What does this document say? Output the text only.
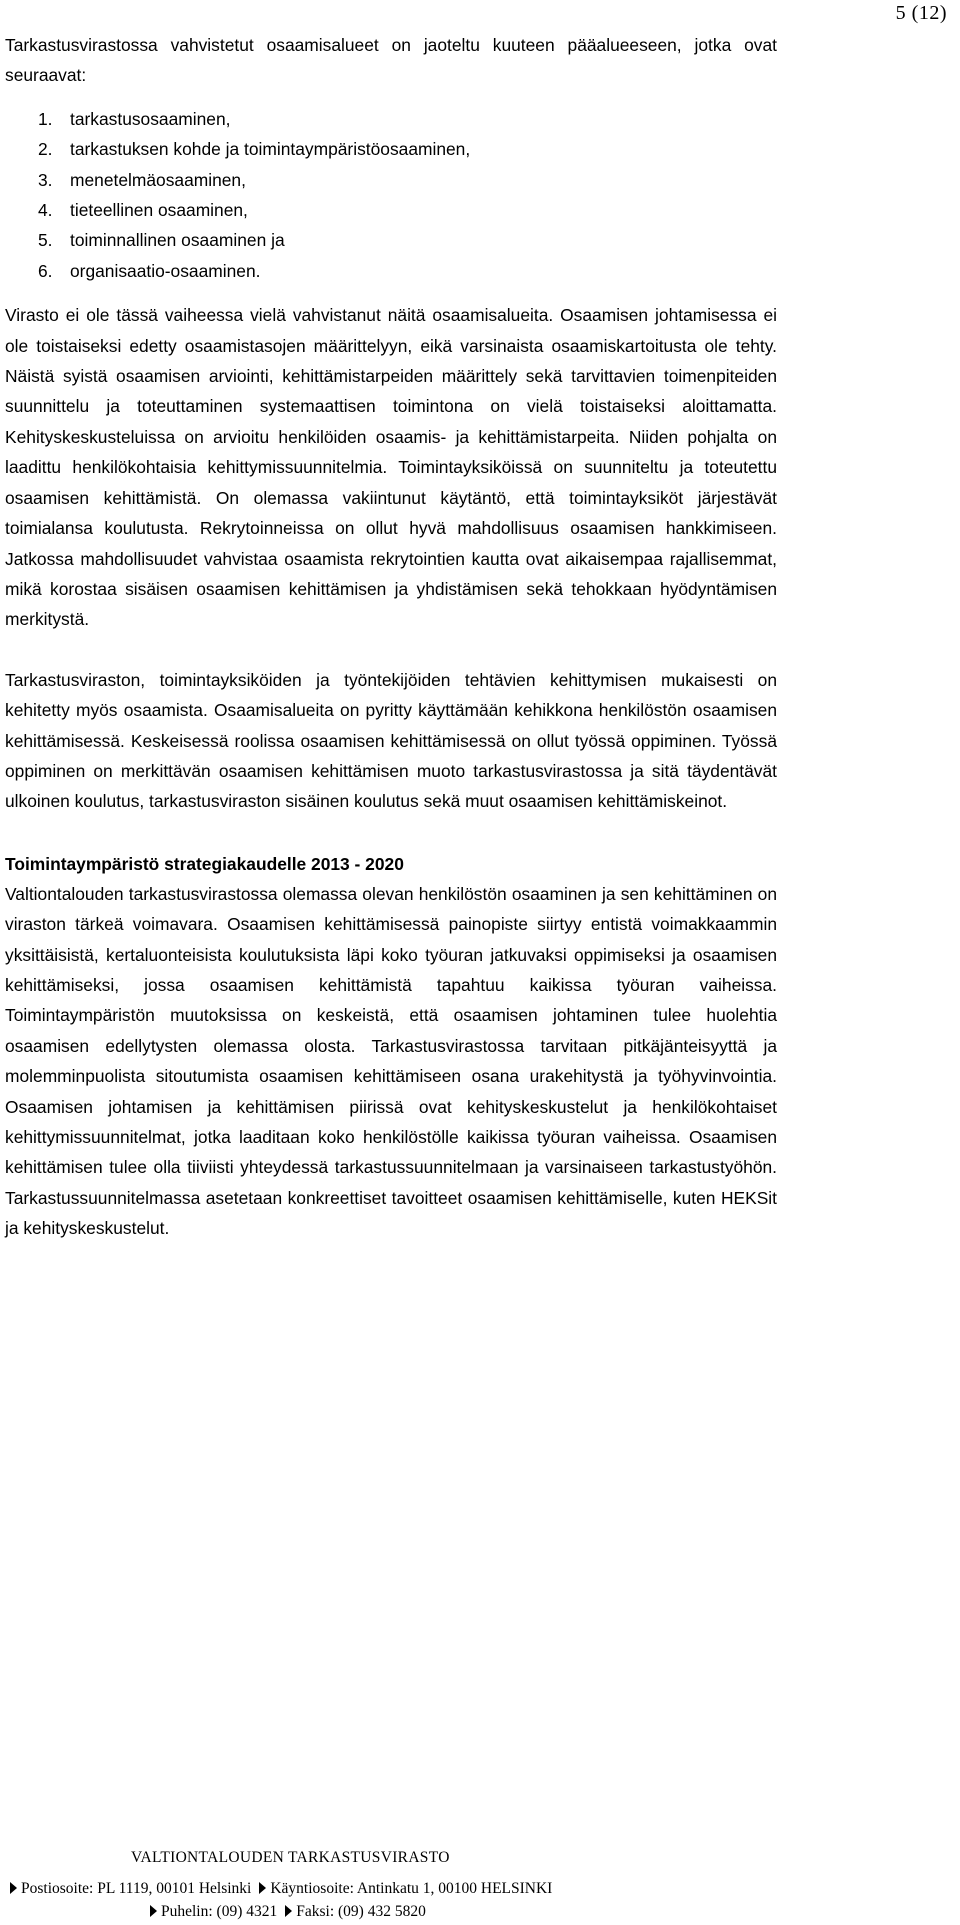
5 (12)

Tarkastusvirastossa vahvistetut osaamisalueet on jaoteltu kuuteen pääalueeseen, jotka ovat seuraavat:

1. tarkastusosaaminen,
2. tarkastuksen kohde ja toimintaympäristöosaaminen,
3. menetelmäosaaminen,
4. tieteellinen osaaminen,
5. toiminnallinen osaaminen ja
6. organisaatio-osaaminen.

Virasto ei ole tässä vaiheessa vielä vahvistanut näitä osaamisalueita. Osaamisen johtamisessa ei ole toistaiseksi edetty osaamistasojen määrittelyyn, eikä varsinaista osaamiskartoitusta ole tehty. Näistä syistä osaamisen arviointi, kehittämistarpeiden määrittely sekä tarvittavien toimenpiteiden suunnittelu ja toteuttaminen systemaattisen toimintona on vielä toistaiseksi aloittamatta. Kehityskeskusteluissa on arvioitu henkilöiden osaamis- ja kehittämistarpeita. Niiden pohjalta on laadittu henkilökohtaisia kehittymissuunnitelmia. Toimintayksiköissä on suunniteltu ja toteutettu osaamisen kehittämistä. On olemassa vakiintunut käytäntö, että toimintayksiköt järjestävät toimialansa koulutusta. Rekrytoinneissa on ollut hyvä mahdollisuus osaamisen hankkimiseen. Jatkossa mahdollisuudet vahvistaa osaamista rekrytointien kautta ovat aikaisempaa rajallisemmat, mikä korostaa sisäisen osaamisen kehittämisen ja yhdistämisen sekä tehokkaan hyödyntämisen merkitystä.

Tarkastusviraston, toimintayksiköiden ja työntekijöiden tehtävien kehittymisen mukaisesti on kehitetty myös osaamista. Osaamisalueita on pyritty käyttämään kehikkona henkilöstön osaamisen kehittämisessä. Keskeisessä roolissa osaamisen kehittämisessä on ollut työssä oppiminen. Työssä oppiminen on merkittävän osaamisen kehittämisen muoto tarkastusvirastossa ja sitä täydentävät ulkoinen koulutus, tarkastusviraston sisäinen koulutus sekä muut osaamisen kehittämiskeinot.

Toimintaympäristö strategiakaudelle 2013 - 2020

Valtiontalouden tarkastusvirastossa olemassa olevan henkilöstön osaaminen ja sen kehittäminen on viraston tärkeä voimavara. Osaamisen kehittämisessä painopiste siirtyy entistä voimakkaammin yksittäisistä, kertaluonteisista koulutuksista läpi koko työuran jatkuvaksi oppimiseksi ja osaamisen kehittämiseksi, jossa osaamisen kehittämistä tapahtuu kaikissa työuran vaiheissa. Toimintaympäristön muutoksissa on keskeistä, että osaamisen johtaminen tulee huolehtia osaamisen edellytysten olemassa olosta. Tarkastusvirastossa tarvitaan pitkäjänteisyyttä ja molemminpuolista sitoutumista osaamisen kehittämiseen osana urakehitystä ja työhyvinvointia. Osaamisen johtamisen ja kehittämisen piirissä ovat kehityskeskustelut ja henkilökohtaiset kehittymissuunnitelmat, jotka laaditaan koko henkilöstölle kaikissa työuran vaiheissa. Osaamisen kehittämisen tulee olla tiiviisti yhteydessä tarkastussuunnitelmaan ja varsinaiseen tarkastustyöhön. Tarkastussuunnitelmassa asetetaan konkreettiset tavoitteet osaamisen kehittämiselle, kuten HEKSit ja kehityskeskustelut.

VALTIONTALOUDEN TARKASTUSVIRASTO
Postiosoite: PL 1119, 00101 Helsinki Käyntiosoite: Antinkatu 1, 00100 HELSINKI
Puhelin: (09) 4321 Faksi: (09) 432 5820
